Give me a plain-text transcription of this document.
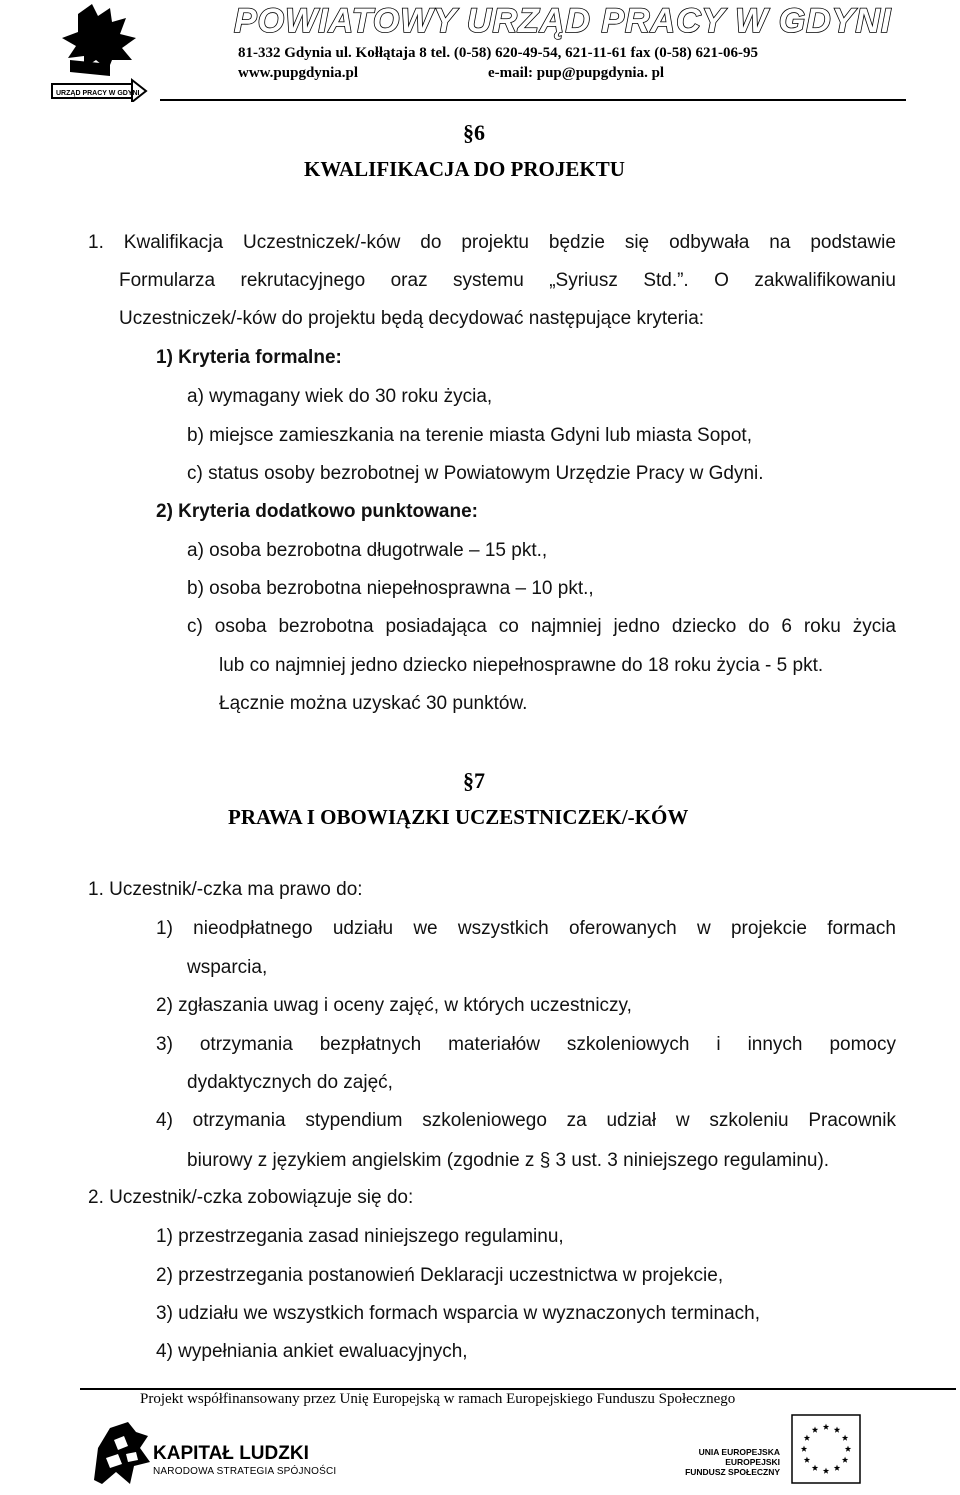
URZĄD PRACY W GDYNI
POWIATOWY URZĄD PRACY W GDYNI
81-332 Gdynia ul. Kołłątaja 8 tel. (0-58) 620-49-54, 621-11-61 fax (0-58) 621-06-95
www.pupgdynia.pl	e-mail: pup@pupgdynia. pl
§6
KWALIFIKACJA DO PROJEKTU
1. Kwalifikacja Uczestniczek/-ków do projektu będzie się odbywała na podstawie
Formularza rekrutacyjnego oraz systemu „Syriusz Std.”. O zakwalifikowaniu
Uczestniczek/-ków do projektu będą decydować następujące kryteria:
1) Kryteria formalne:
a) wymagany wiek do 30 roku życia,
b) miejsce zamieszkania na terenie miasta Gdyni lub miasta Sopot,
c) status osoby bezrobotnej w Powiatowym Urzędzie Pracy w Gdyni.
2) Kryteria dodatkowo punktowane:
a) osoba bezrobotna długotrwale – 15 pkt.,
b) osoba bezrobotna niepełnosprawna – 10 pkt.,
c) osoba bezrobotna posiadająca co najmniej jedno dziecko do 6 roku życia
lub co najmniej jedno dziecko niepełnosprawne do 18 roku życia - 5 pkt.
Łącznie można uzyskać 30 punktów.
§7
PRAWA I OBOWIĄZKI UCZESTNICZEK/-KÓW
1. Uczestnik/-czka ma prawo do:
1) nieodpłatnego udziału we wszystkich oferowanych w projekcie formach
wsparcia,
2) zgłaszania uwag i oceny zajęć, w których uczestniczy,
3) otrzymania bezpłatnych materiałów szkoleniowych i innych pomocy
dydaktycznych do zajęć,
4) otrzymania stypendium szkoleniowego za udział w szkoleniu Pracownik
biurowy z językiem angielskim (zgodnie z § 3 ust. 3 niniejszego regulaminu).
2. Uczestnik/-czka zobowiązuje się do:
1) przestrzegania zasad niniejszego regulaminu,
2) przestrzegania postanowień Deklaracji uczestnictwa w projekcie,
3) udziału we wszystkich formach wsparcia w wyznaczonych terminach,
4) wypełniania ankiet ewaluacyjnych,
Projekt współfinansowany przez Unię Europejską w ramach Europejskiego Funduszu Społecznego
KAPITAŁ LUDZKI
NARODOWA STRATEGIA SPÓJNOŚCI
UNIA EUROPEJSKA
EUROPEJSKI
FUNDUSZ SPOŁECZNY
